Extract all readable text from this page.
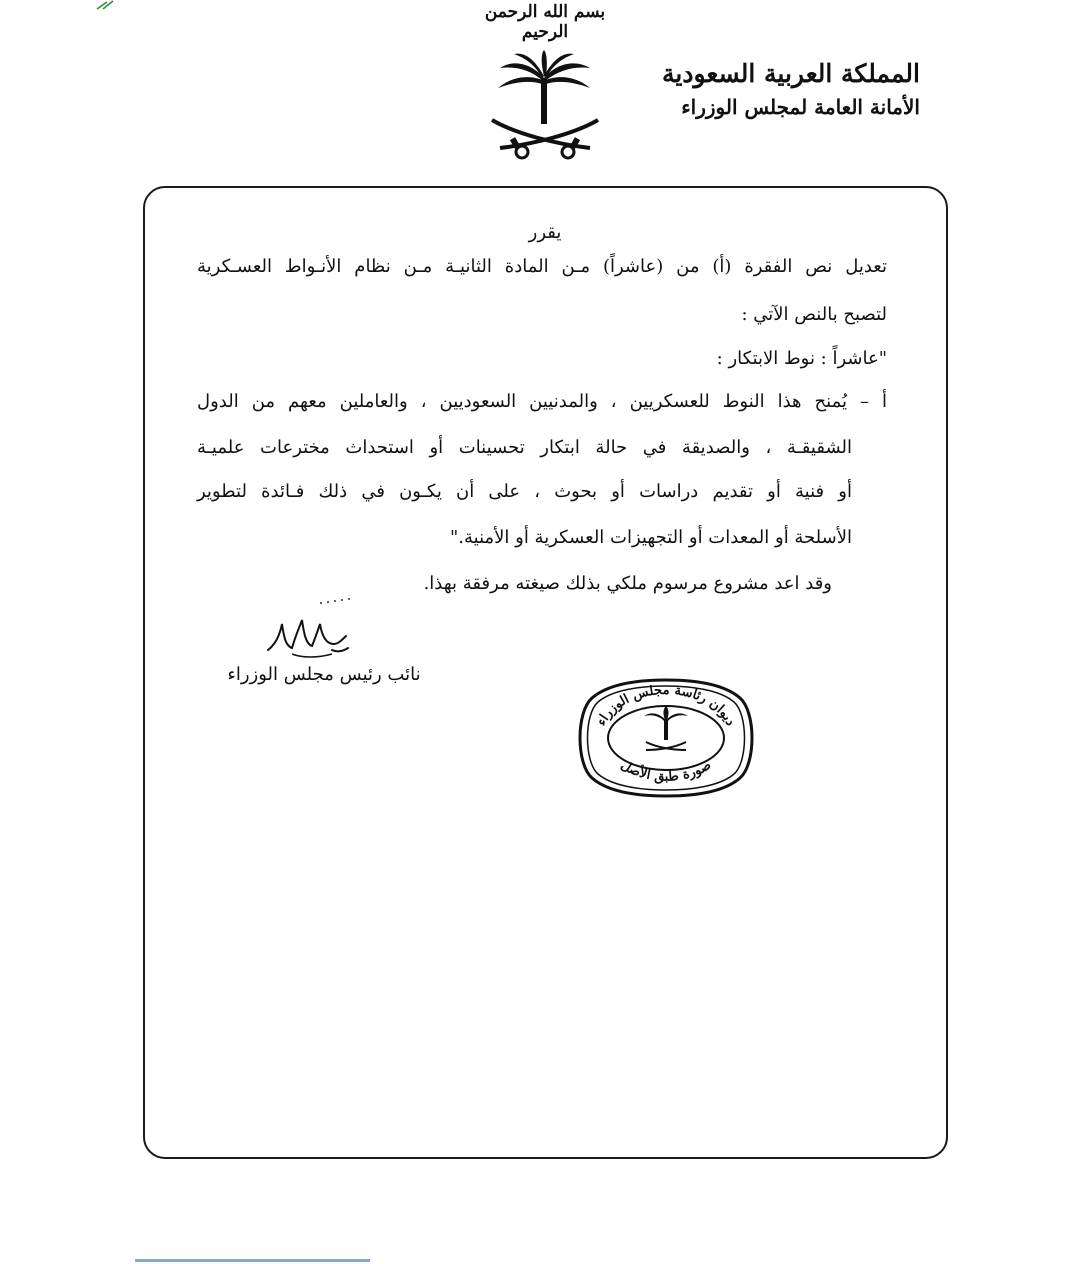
بسم الله الرحمن الرحيم
المملكة العربية السعودية
الأمانة العامة لمجلس الوزراء
يقرر
تعديل نص الفقرة (أ) من (عاشراً) مـن المادة الثانيـة مـن نظام الأنـواط العسـكرية
لتصبح بالنص الآتي :
"عاشراً : نوط الابتكار :
أ – يُمنح هذا النوط للعسكريين ، والمدنيين السعوديين ، والعاملين معهم من الدول
الشقيقـة ، والصديقة في حالة ابتكار تحسينات أو استحداث مخترعات علميـة
أو فنية أو تقديم دراسات أو بحوث ، على أن يكـون في ذلك فـائدة لتطوير
الأسلحة أو المعدات أو التجهيزات العسكرية أو الأمنية."
وقد اعد مشروع مرسوم ملكي بذلك صيغته مرفقة بهذا.
نائب رئيس مجلس الوزراء
ديوان رئاسة مجلس الوزراء
صورة طبق الأصل
